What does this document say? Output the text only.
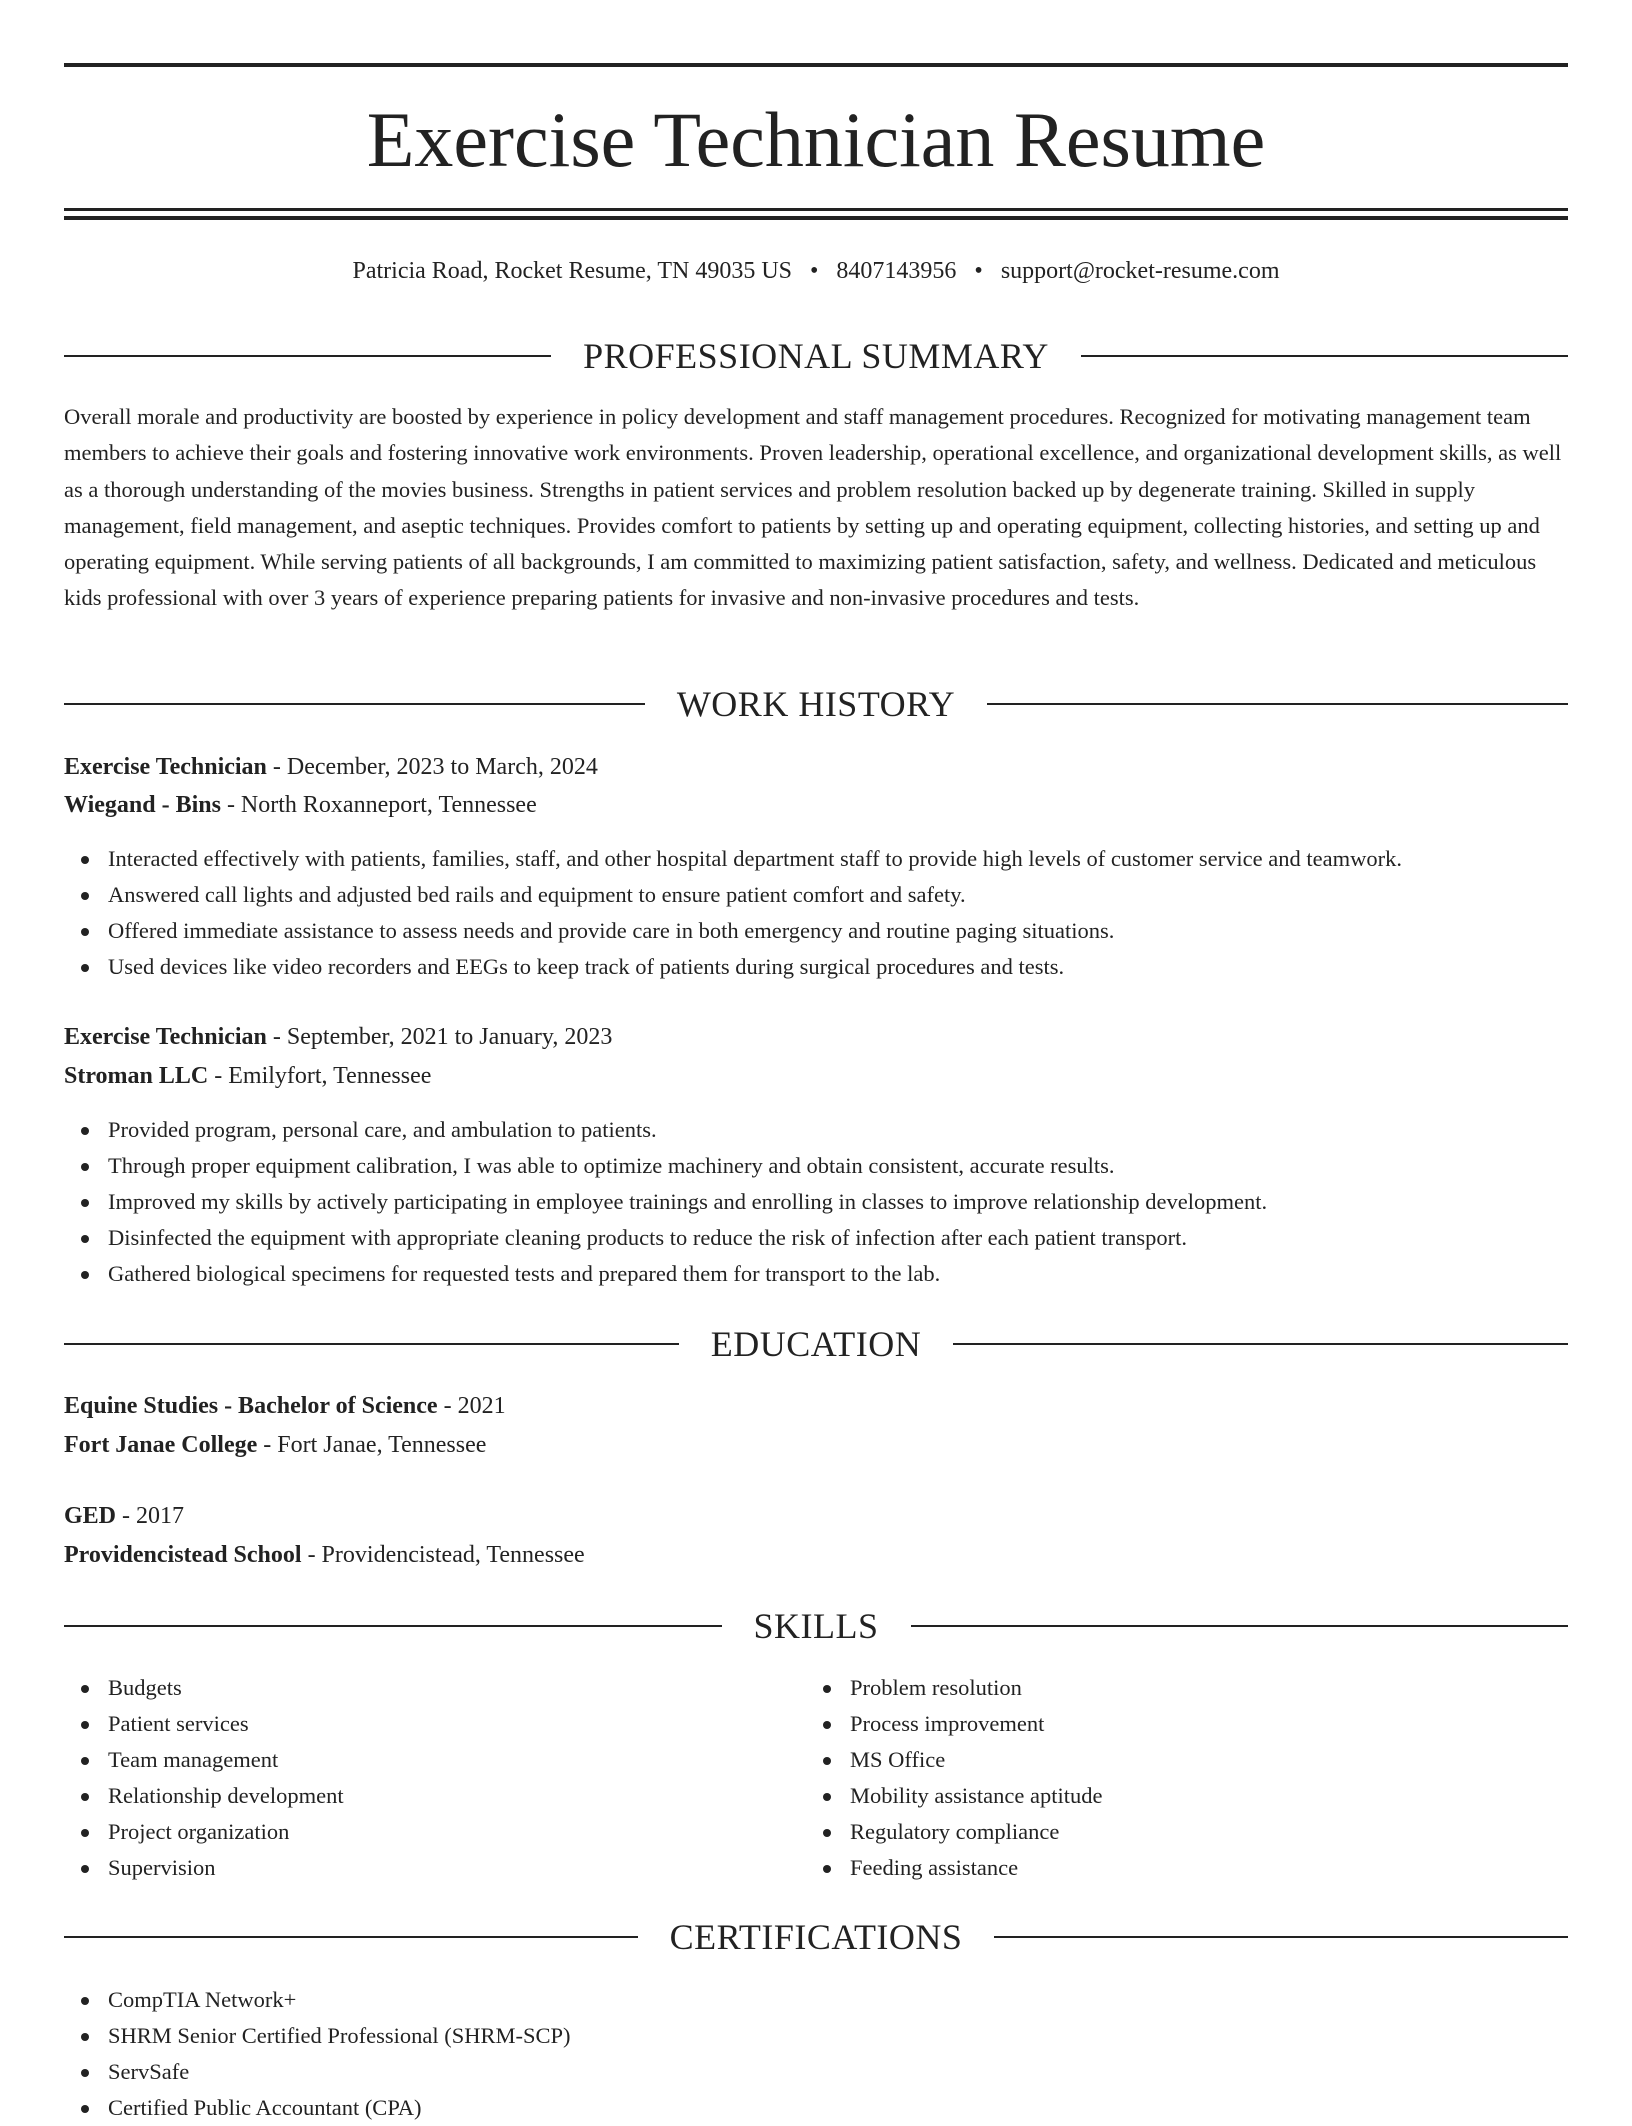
Exercise Technician Resume
Patricia Road, Rocket Resume, TN 49035 US • 8407143956 • support@rocket-resume.com
PROFESSIONAL SUMMARY

Overall morale and productivity are boosted by experience in policy development and staff management procedures. Recognized for motivating management team members to achieve their goals and fostering innovative work environments. Proven leadership, operational excellence, and organizational development skills, as well as a thorough understanding of the movies business. Strengths in patient services and problem resolution backed up by degenerate training. Skilled in supply management, field management, and aseptic techniques. Provides comfort to patients by setting up and operating equipment, collecting histories, and setting up and operating equipment. While serving patients of all backgrounds, I am committed to maximizing patient satisfaction, safety, and wellness. Dedicated and meticulous kids professional with over 3 years of experience preparing patients for invasive and non-invasive procedures and tests.

WORK HISTORY
Exercise Technician - December, 2023 to March, 2024
Wiegand - Bins - North Roxanneport, Tennessee
Interacted effectively with patients, families, staff, and other hospital department staff to provide high levels of customer service and teamwork.
Answered call lights and adjusted bed rails and equipment to ensure patient comfort and safety.
Offered immediate assistance to assess needs and provide care in both emergency and routine paging situations.
Used devices like video recorders and EEGs to keep track of patients during surgical procedures and tests.
Exercise Technician - September, 2021 to January, 2023
Stroman LLC - Emilyfort, Tennessee
Provided program, personal care, and ambulation to patients.
Through proper equipment calibration, I was able to optimize machinery and obtain consistent, accurate results.
Improved my skills by actively participating in employee trainings and enrolling in classes to improve relationship development.
Disinfected the equipment with appropriate cleaning products to reduce the risk of infection after each patient transport.
Gathered biological specimens for requested tests and prepared them for transport to the lab.
EDUCATION
Equine Studies - Bachelor of Science - 2021
Fort Janae College - Fort Janae, Tennessee
GED - 2017
Providencistead School - Providencistead, Tennessee
SKILLS
Budgets
Patient services
Team management
Relationship development
Project organization
Supervision
Problem resolution
Process improvement
MS Office
Mobility assistance aptitude
Regulatory compliance
Feeding assistance
CERTIFICATIONS
CompTIA Network+
SHRM Senior Certified Professional (SHRM-SCP)
ServSafe
Certified Public Accountant (CPA)
